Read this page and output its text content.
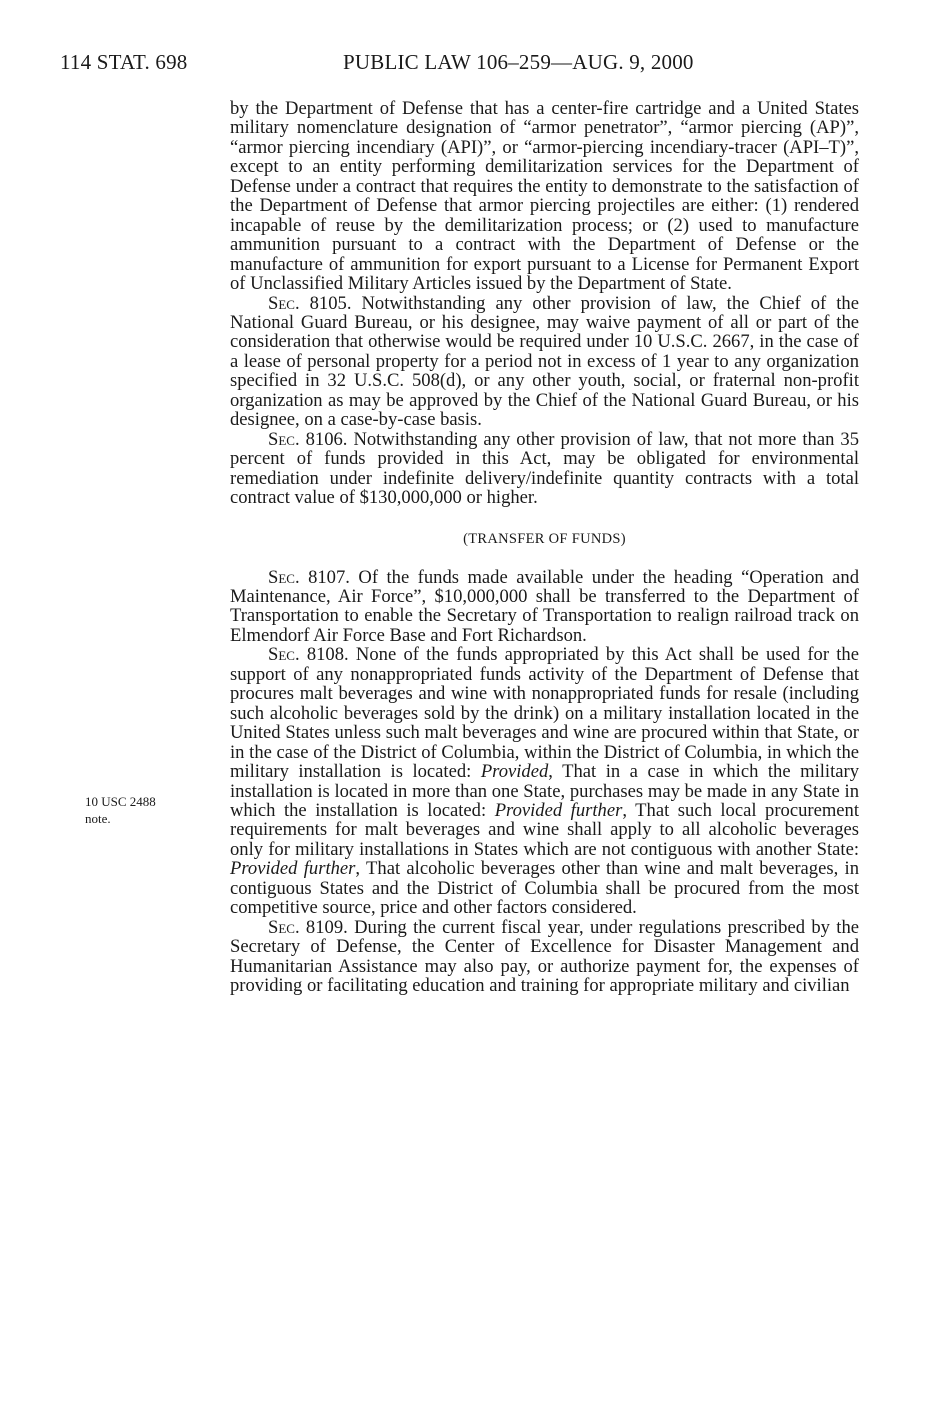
114 STAT. 698	PUBLIC LAW 106–259—AUG. 9, 2000
10 USC 2488
note.

by the Department of Defense that has a center-fire cartridge and a United States military nomenclature designation of “armor penetrator”, “armor piercing (AP)”, “armor piercing incendiary (API)”, or “armor-piercing incendiary-tracer (API–T)”, except to an entity performing demilitarization services for the Department of Defense under a contract that requires the entity to demonstrate to the satisfaction of the Department of Defense that armor piercing projectiles are either: (1) rendered incapable of reuse by the demilitarization process; or (2) used to manufacture ammunition pursuant to a contract with the Department of Defense or the manufacture of ammunition for export pursuant to a License for Permanent Export of Unclassified Military Articles issued by the Department of State.

Sec. 8105. Notwithstanding any other provision of law, the Chief of the National Guard Bureau, or his designee, may waive payment of all or part of the consideration that otherwise would be required under 10 U.S.C. 2667, in the case of a lease of personal property for a period not in excess of 1 year to any organization specified in 32 U.S.C. 508(d), or any other youth, social, or fraternal non-profit organization as may be approved by the Chief of the National Guard Bureau, or his designee, on a case-by-case basis.

Sec. 8106. Notwithstanding any other provision of law, that not more than 35 percent of funds provided in this Act, may be obligated for environmental remediation under indefinite delivery/indefinite quantity contracts with a total contract value of $130,000,000 or higher.

(TRANSFER OF FUNDS)

Sec. 8107. Of the funds made available under the heading “Operation and Maintenance, Air Force”, $10,000,000 shall be transferred to the Department of Transportation to enable the Secretary of Transportation to realign railroad track on Elmendorf Air Force Base and Fort Richardson.

Sec. 8108. None of the funds appropriated by this Act shall be used for the support of any nonappropriated funds activity of the Department of Defense that procures malt beverages and wine with nonappropriated funds for resale (including such alcoholic beverages sold by the drink) on a military installation located in the United States unless such malt beverages and wine are procured within that State, or in the case of the District of Columbia, within the District of Columbia, in which the military installation is located: Provided, That in a case in which the military installation is located in more than one State, purchases may be made in any State in which the installation is located: Provided further, That such local procurement requirements for malt beverages and wine shall apply to all alcoholic beverages only for military installations in States which are not contiguous with another State: Provided further, That alcoholic beverages other than wine and malt beverages, in contiguous States and the District of Columbia shall be procured from the most competitive source, price and other factors considered.

Sec. 8109. During the current fiscal year, under regulations prescribed by the Secretary of Defense, the Center of Excellence for Disaster Management and Humanitarian Assistance may also pay, or authorize payment for, the expenses of providing or facilitating education and training for appropriate military and civilian
